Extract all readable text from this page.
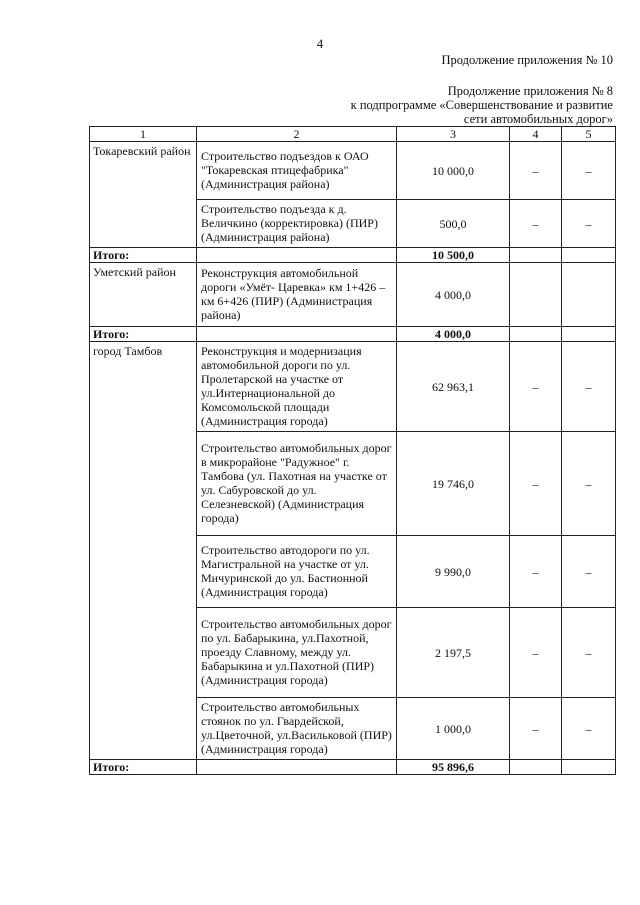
4
Продолжение приложения № 10
Продолжение приложения № 8
к подпрограмме «Совершенствование и развитие
сети автомобильных дорог»
1	2	3	4	5
Токаревский район	Строительство подъездов к ОАО "Токаревская птицефабрика" (Администрация района)	10 000,0	–	–
	Строительство подъезда к д. Величкино (корректировка) (ПИР) (Администрация района)	500,0	–	–
Итого:		10 500,0		
Уметский район	Реконструкция автомобильной дороги «Умёт- Царевка» км 1+426 – км 6+426 (ПИР) (Администрация района)	4 000,0		
Итого:		4 000,0		
город Тамбов	Реконструкция и модернизация автомобильной дороги по ул. Пролетарской на участке от ул.Интернациональной до Комсомольской площади (Администрация города)	62 963,1	–	–
	Строительство автомобильных дорог в микрорайоне "Радужное" г. Тамбова (ул. Пахотная на участке от ул. Сабуровской до ул. Селезневской) (Администрация города)	19 746,0	–	–
	Строительство автодороги по ул. Магистральной на участке от ул. Мичуринской до ул. Бастионной (Администрация города)	9 990,0	–	–
	Строительство автомобильных дорог по ул. Бабарыкина, ул.Пахотной, проезду Славному, между ул. Бабарыкина и ул.Пахотной (ПИР) (Администрация города)	2 197,5	–	–
	Строительство автомобильных стоянок по ул. Гвардейской, ул.Цветочной, ул.Васильковой (ПИР) (Администрация города)	1 000,0	–	–
Итого:		95 896,6		
